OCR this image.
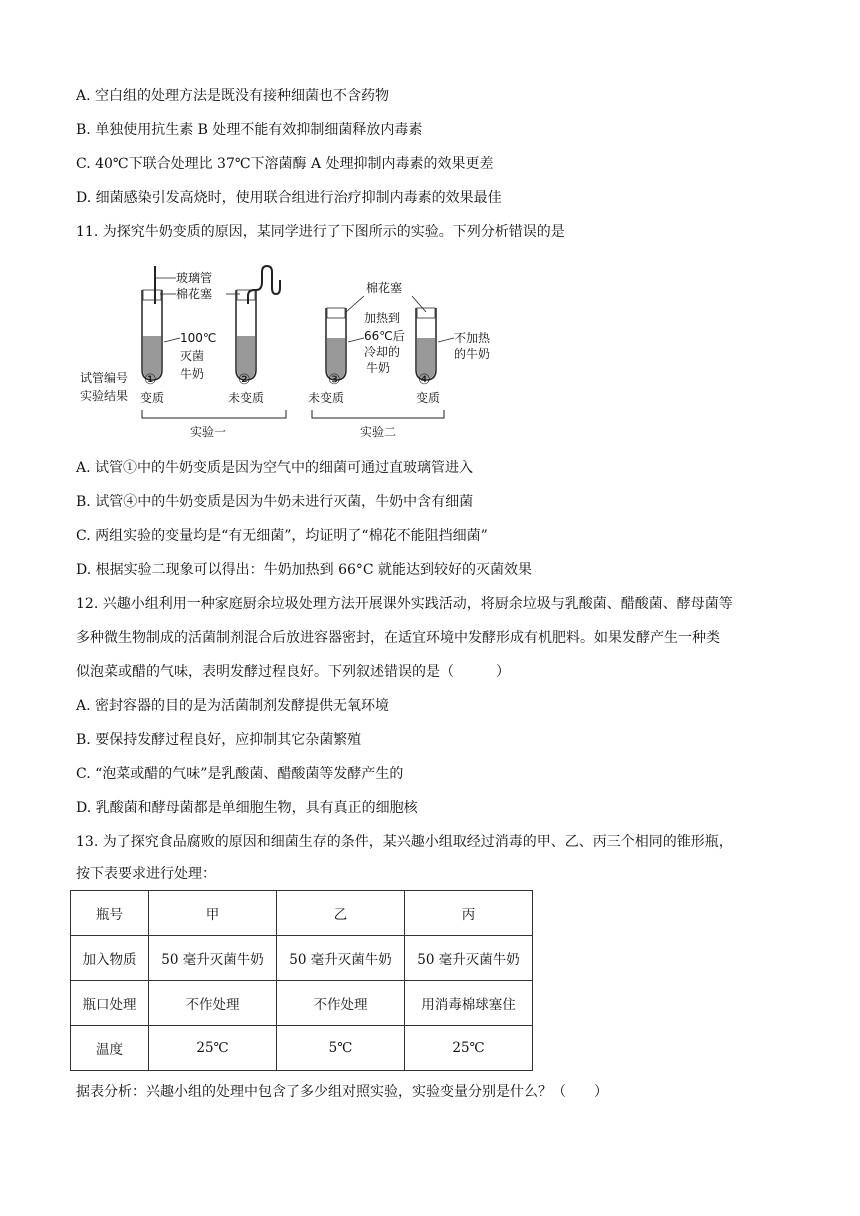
A. 空白组的处理方法是既没有接种细菌也不含药物
B. 单独使用抗生素 B 处理不能有效抑制细菌释放内毒素
C. 40℃下联合处理比 37℃下溶菌酶 A 处理抑制内毒素的效果更差
D. 细菌感染引发高烧时，使用联合组进行治疗抑制内毒素的效果最佳
11. 为探究牛奶变质的原因，某同学进行了下图所示的实验。下列分析错误的是
玻璃管
棉花塞
100℃
灭菌
牛奶
棉花塞
加热到
66℃后
冷却的
牛奶
不加热
的牛奶
试管编号
实验结果
①	②	③	④
变质	未变质	未变质	变质
实验一	实验二
A. 试管①中的牛奶变质是因为空气中的细菌可通过直玻璃管进入
B. 试管④中的牛奶变质是因为牛奶未进行灭菌，牛奶中含有细菌
C. 两组实验的变量均是“有无细菌”，均证明了“棉花不能阻挡细菌”
D. 根据实验二现象可以得出：牛奶加热到 66°C 就能达到较好的灭菌效果
12. 兴趣小组利用一种家庭厨余垃圾处理方法开展课外实践活动，将厨余垃圾与乳酸菌、醋酸菌、酵母菌等
多种微生物制成的活菌制剂混合后放进容器密封，在适宜环境中发酵形成有机肥料。如果发酵产生一种类
似泡菜或醋的气味，表明发酵过程良好。下列叙述错误的是（　　　）
A. 密封容器的目的是为活菌制剂发酵提供无氧环境
B. 要保持发酵过程良好，应抑制其它杂菌繁殖
C. “泡菜或醋的气味”是乳酸菌、醋酸菌等发酵产生的
D. 乳酸菌和酵母菌都是单细胞生物，具有真正的细胞核
13. 为了探究食品腐败的原因和细菌生存的条件，某兴趣小组取经过消毒的甲、乙、丙三个相同的锥形瓶，
按下表要求进行处理：
瓶号	甲	乙	丙
加入物质	50 毫升灭菌牛奶	50 毫升灭菌牛奶	50 毫升灭菌牛奶
瓶口处理	不作处理	不作处理	用消毒棉球塞住
温度	25℃	5℃	25℃
据表分析：兴趣小组的处理中包含了多少组对照实验，实验变量分别是什么？（　　）
